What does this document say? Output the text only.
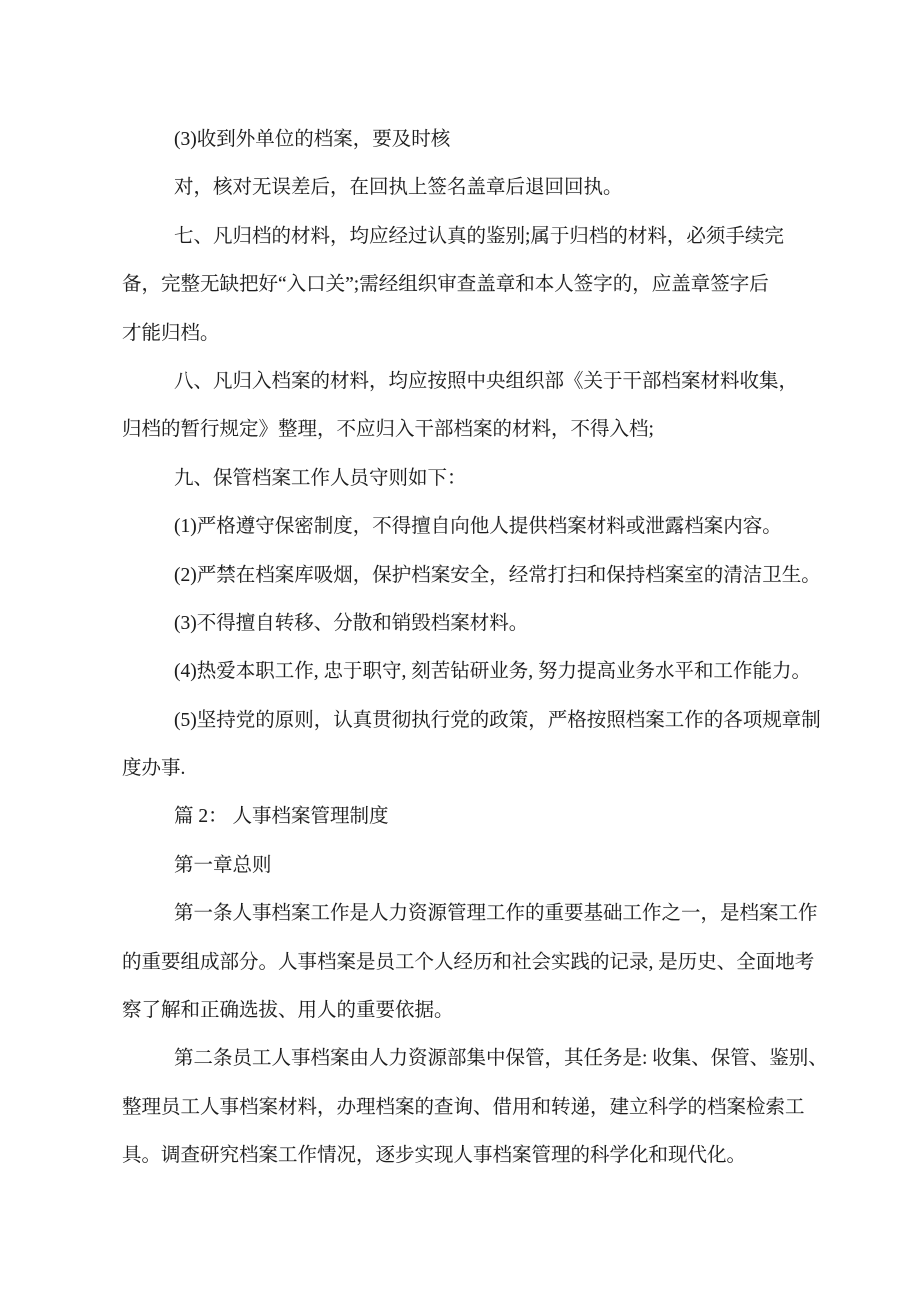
(3)收到外单位的档案，要及时核
对，核对无误差后，在回执上签名盖章后退回回执。
七、凡归档的材料，均应经过认真的鉴别;属于归档的材料，必须手续完
备，完整无缺把好“入口关”;需经组织审查盖章和本人签字的，应盖章签字后
才能归档。
八、凡归入档案的材料，均应按照中央组织部《关于干部档案材料收集，
归档的暂行规定》整理，不应归入干部档案的材料，不得入档;
九、保管档案工作人员守则如下：
(1)严格遵守保密制度，不得擅自向他人提供档案材料或泄露档案内容。
(2)严禁在档案库吸烟，保护档案安全，经常打扫和保持档案室的清洁卫生。
(3)不得擅自转移、分散和销毁档案材料。
(4)热爱本职工作, 忠于职守, 刻苦钻研业务, 努力提高业务水平和工作能力。
(5)坚持党的原则，认真贯彻执行党的政策，严格按照档案工作的各项规章制
度办事.
篇 2： 人事档案管理制度
第一章总则
第一条人事档案工作是人力资源管理工作的重要基础工作之一，是档案工作
的重要组成部分。人事档案是员工个人经历和社会实践的记录, 是历史、全面地考
察了解和正确选拔、用人的重要依据。
第二条员工人事档案由人力资源部集中保管，其任务是: 收集、保管、鉴别、
整理员工人事档案材料，办理档案的查询、借用和转递，建立科学的档案检索工
具。调查研究档案工作情况，逐步实现人事档案管理的科学化和现代化。
